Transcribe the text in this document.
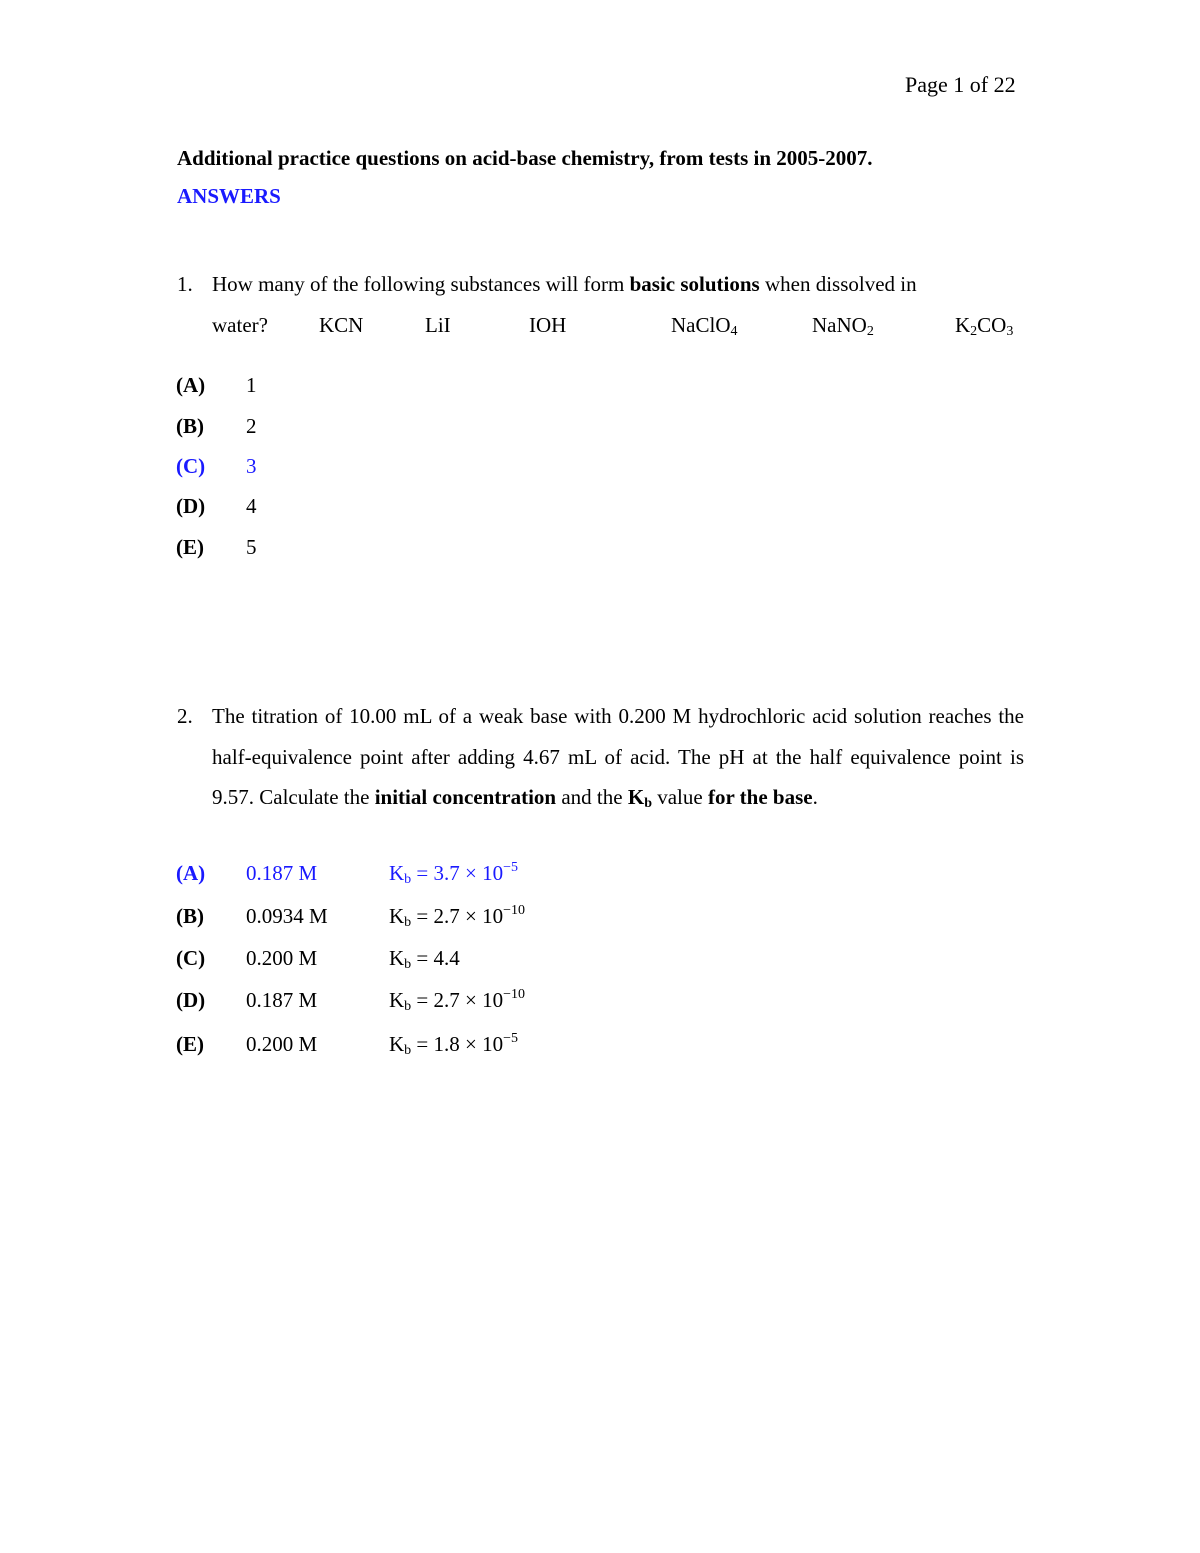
Page 1 of 22
Additional practice questions on acid-base chemistry, from tests in 2005-2007.
ANSWERS
1. How many of the following substances will form basic solutions when dissolved in
water? KCN	LiI	IOH	NaClO$_4$	NaNO$_2$	$K_2CO_3$
(A) 1
(B) 2
(C) 3
(D) 4
(E) 5
2. The titration of 10.00 mL of a weak base with 0.200 M hydrochloric acid solution reaches the half-equivalence point after adding 4.67 mL of acid. The pH at the half equivalence point is 9.57. Calculate the initial concentration and the $K_b$ value for the base.
(A) 0.187 M	$K_b = 3.7 \times 10^{-5}$
(B) 0.0934 M	$K_b = 2.7 \times 10^{-10}$
(C) 0.200 M	$K_b = 4.4$
(D) 0.187 M	$K_b = 2.7 \times 10^{-10}$
(E) 0.200 M	$K_b = 1.8 \times 10^{-5}$
